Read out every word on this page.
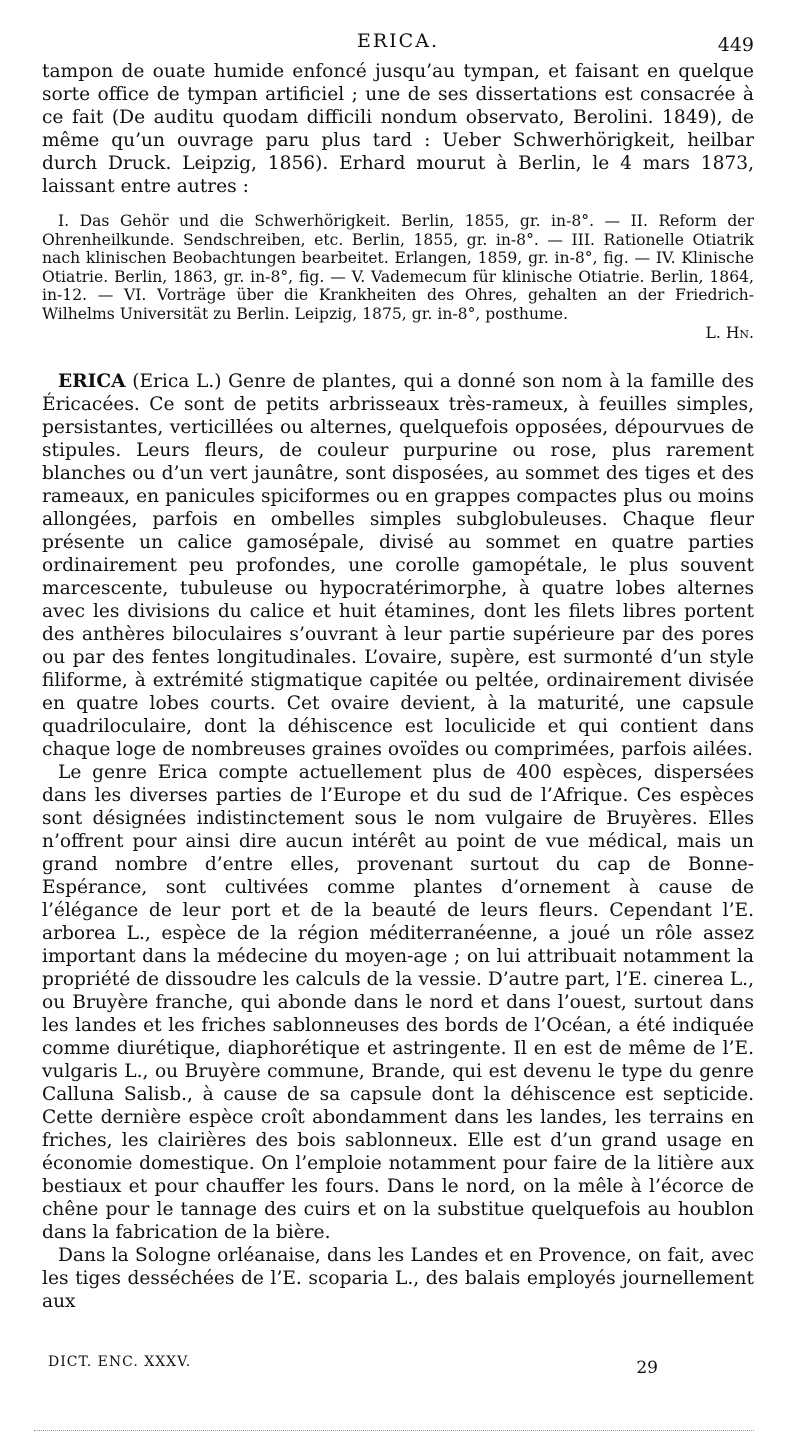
ERICA.	449

tampon de ouate humide enfoncé jusqu’au tympan, et faisant en quelque sorte office de tympan artificiel ; une de ses dissertations est consacrée à ce fait (De auditu quodam difficili nondum observato, Berolini. 1849), de même qu’un ouvrage paru plus tard : Ueber Schwerhörigkeit, heilbar durch Druck. Leipzig, 1856). Erhard mourut à Berlin, le 4 mars 1873, laissant entre autres :

I. Das Gehör und die Schwerhörigkeit. Berlin, 1855, gr. in-8°. — II. Reform der Ohrenheilkunde. Sendschreiben, etc. Berlin, 1855, gr. in-8°. — III. Rationelle Otiatrik nach klinischen Beobachtungen bearbeitet. Erlangen, 1859, gr. in-8°, fig. — IV. Klinische Otiatrie. Berlin, 1863, gr. in-8°, fig. — V. Vademecum für klinische Otiatrie. Berlin, 1864, in-12. — VI. Vorträge über die Krankheiten des Ohres, gehalten an der Friedrich-Wilhelms Universität zu Berlin. Leipzig, 1875, gr. in-8°, posthume.

L. Hn.

ERICA (Erica L.) Genre de plantes, qui a donné son nom à la famille des Éricacées. Ce sont de petits arbrisseaux très-rameux, à feuilles simples, persistantes, verticillées ou alternes, quelquefois opposées, dépourvues de stipules. Leurs fleurs, de couleur purpurine ou rose, plus rarement blanches ou d’un vert jaunâtre, sont disposées, au sommet des tiges et des rameaux, en panicules spiciformes ou en grappes compactes plus ou moins allongées, parfois en ombelles simples subglobuleuses. Chaque fleur présente un calice gamosépale, divisé au sommet en quatre parties ordinairement peu profondes, une corolle gamopétale, le plus souvent marcescente, tubuleuse ou hypocratérimorphe, à quatre lobes alternes avec les divisions du calice et huit étamines, dont les filets libres portent des anthères biloculaires s’ouvrant à leur partie supérieure par des pores ou par des fentes longitudinales. L’ovaire, supère, est surmonté d’un style filiforme, à extrémité stigmatique capitée ou peltée, ordinairement divisée en quatre lobes courts. Cet ovaire devient, à la maturité, une capsule quadriloculaire, dont la déhiscence est loculicide et qui contient dans chaque loge de nombreuses graines ovoïdes ou comprimées, parfois ailées.

Le genre Erica compte actuellement plus de 400 espèces, dispersées dans les diverses parties de l’Europe et du sud de l’Afrique. Ces espèces sont désignées indistinctement sous le nom vulgaire de Bruyères. Elles n’offrent pour ainsi dire aucun intérêt au point de vue médical, mais un grand nombre d’entre elles, provenant surtout du cap de Bonne-Espérance, sont cultivées comme plantes d’ornement à cause de l’élégance de leur port et de la beauté de leurs fleurs. Cependant l’E. arborea L., espèce de la région méditerranéenne, a joué un rôle assez important dans la médecine du moyen-age ; on lui attribuait notamment la propriété de dissoudre les calculs de la vessie. D’autre part, l’E. cinerea L., ou Bruyère franche, qui abonde dans le nord et dans l’ouest, surtout dans les landes et les friches sablonneuses des bords de l’Océan, a été indiquée comme diurétique, diaphorétique et astringente. Il en est de même de l’E. vulgaris L., ou Bruyère commune, Brande, qui est devenu le type du genre Calluna Salisb., à cause de sa capsule dont la déhiscence est septicide. Cette dernière espèce croît abondamment dans les landes, les terrains en friches, les clairières des bois sablonneux. Elle est d’un grand usage en économie domestique. On l’emploie notamment pour faire de la litière aux bestiaux et pour chauffer les fours. Dans le nord, on la mêle à l’écorce de chêne pour le tannage des cuirs et on la substitue quelquefois au houblon dans la fabrication de la bière.

Dans la Sologne orléanaise, dans les Landes et en Provence, on fait, avec les tiges desséchées de l’E. scoparia L., des balais employés journellement aux

DICT. ENC. XXXV.	29
